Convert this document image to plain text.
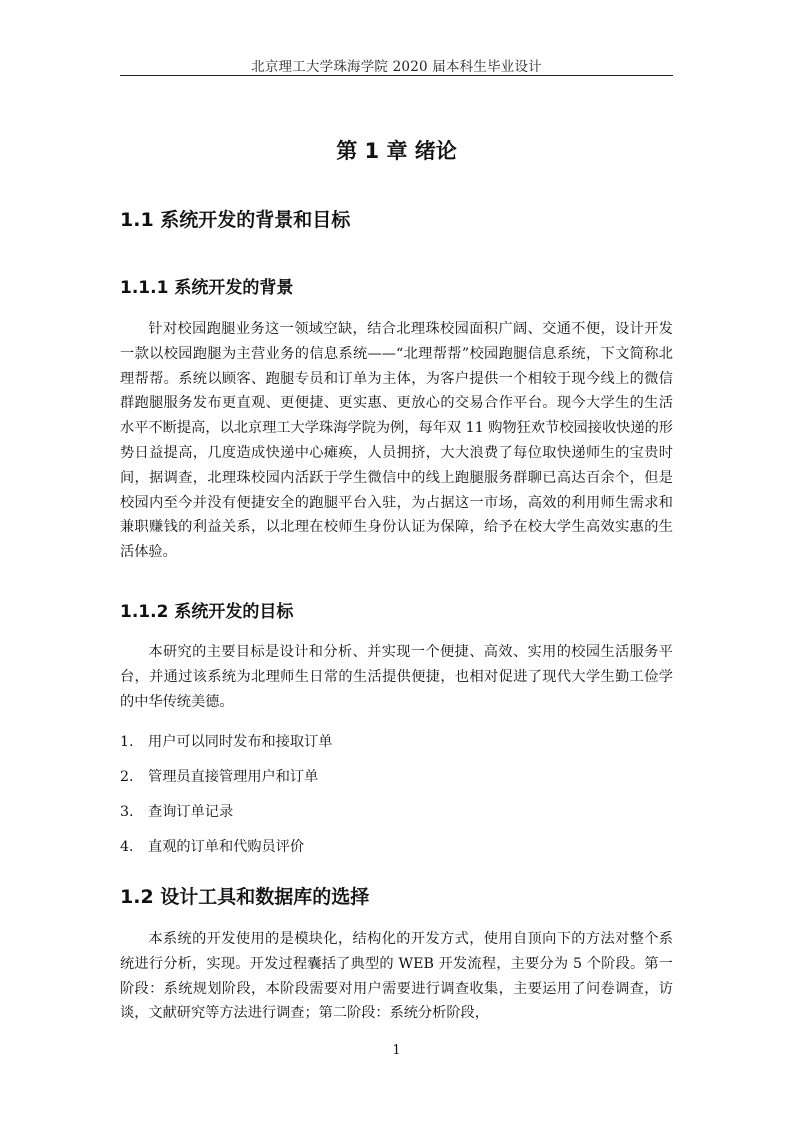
北京理工大学珠海学院 2020 届本科生毕业设计
第 1 章 绪论
1.1 系统开发的背景和目标
1.1.1 系统开发的背景
针对校园跑腿业务这一领域空缺，结合北理珠校园面积广阔、交通不便，设计开发一款以校园跑腿为主营业务的信息系统——“北理帮帮”校园跑腿信息系统，下文简称北理帮帮。系统以顾客、跑腿专员和订单为主体，为客户提供一个相较于现今线上的微信群跑腿服务发布更直观、更便捷、更实惠、更放心的交易合作平台。现今大学生的生活水平不断提高，以北京理工大学珠海学院为例，每年双 11 购物狂欢节校园接收快递的形势日益提高，几度造成快递中心瘫痪，人员拥挤，大大浪费了每位取快递师生的宝贵时间，据调查，北理珠校园内活跃于学生微信中的线上跑腿服务群聊已高达百余个，但是校园内至今并没有便捷安全的跑腿平台入驻，为占据这一市场，高效的利用师生需求和兼职赚钱的利益关系，以北理在校师生身份认证为保障，给予在校大学生高效实惠的生活体验。
1.1.2 系统开发的目标
本研究的主要目标是设计和分析、并实现一个便捷、高效、实用的校园生活服务平台，并通过该系统为北理师生日常的生活提供便捷，也相对促进了现代大学生勤工俭学的中华传统美德。
1. 用户可以同时发布和接取订单
2. 管理员直接管理用户和订单
3. 查询订单记录
4. 直观的订单和代购员评价
1.2 设计工具和数据库的选择
本系统的开发使用的是模块化，结构化的开发方式，使用自顶向下的方法对整个系统进行分析，实现。开发过程囊括了典型的 WEB 开发流程，主要分为 5 个阶段。第一阶段：系统规划阶段，本阶段需要对用户需要进行调查收集，主要运用了问卷调查，访谈，文献研究等方法进行调查；第二阶段：系统分析阶段，
1
